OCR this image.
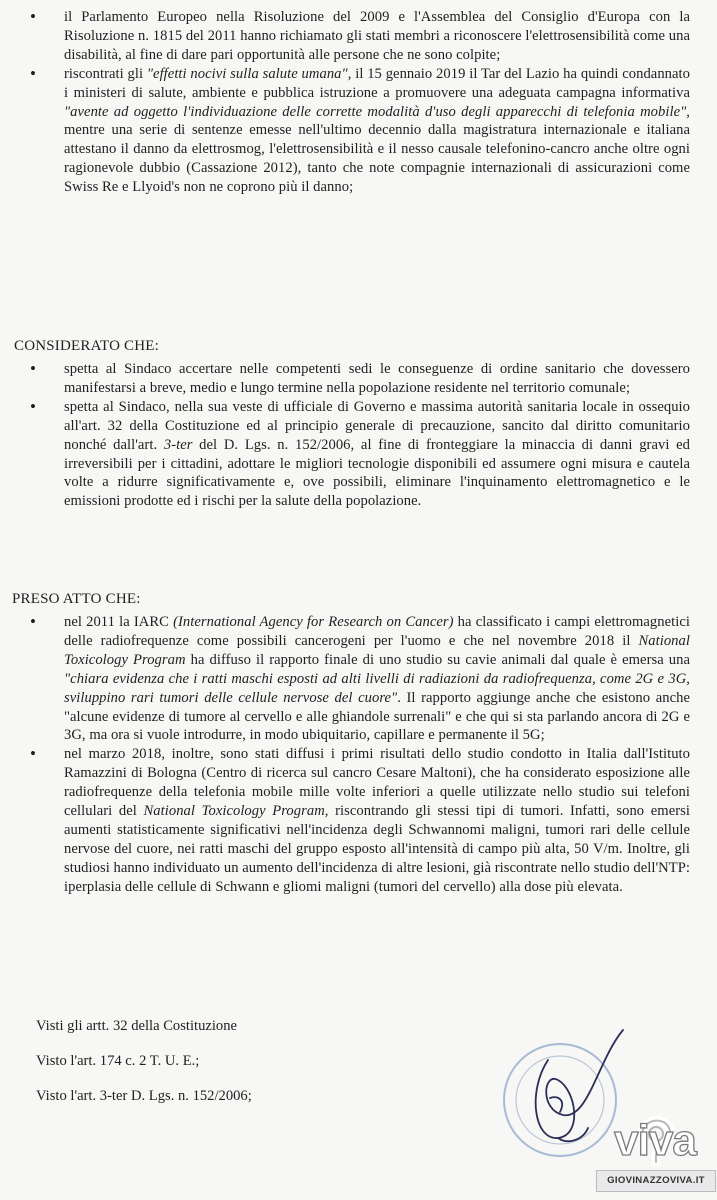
• il Parlamento Europeo nella Risoluzione del 2009 e l'Assemblea del Consiglio d'Europa con la Risoluzione n. 1815 del 2011 hanno richiamato gli stati membri a riconoscere l'elettrosensibilità come una disabilità, al fine di dare pari opportunità alle persone che ne sono colpite;
• riscontrati gli "effetti nocivi sulla salute umana", il 15 gennaio 2019 il Tar del Lazio ha quindi condannato i ministeri di salute, ambiente e pubblica istruzione a promuovere una adeguata campagna informativa "avente ad oggetto l'individuazione delle corrette modalità d'uso degli apparecchi di telefonia mobile", mentre una serie di sentenze emesse nell'ultimo decennio dalla magistratura internazionale e italiana attestano il danno da elettrosmog, l'elettrosensibilità e il nesso causale telefonino-cancro anche oltre ogni ragionevole dubbio (Cassazione 2012), tanto che note compagnie internazionali di assicurazioni come Swiss Re e Llyoid's non ne coprono più il danno;
CONSIDERATO CHE:
• spetta al Sindaco accertare nelle competenti sedi le conseguenze di ordine sanitario che dovessero manifestarsi a breve, medio e lungo termine nella popolazione residente nel territorio comunale;
• spetta al Sindaco, nella sua veste di ufficiale di Governo e massima autorità sanitaria locale in ossequio all'art. 32 della Costituzione ed al principio generale di precauzione, sancito dal diritto comunitario nonché dall'art. 3-ter del D. Lgs. n. 152/2006, al fine di fronteggiare la minaccia di danni gravi ed irreversibili per i cittadini, adottare le migliori tecnologie disponibili ed assumere ogni misura e cautela volte a ridurre significativamente e, ove possibili, eliminare l'inquinamento elettromagnetico e le emissioni prodotte ed i rischi per la salute della popolazione.
PRESO ATTO CHE:
• nel 2011 la IARC (International Agency for Research on Cancer) ha classificato i campi elettromagnetici delle radiofrequenze come possibili cancerogeni per l'uomo e che nel novembre 2018 il National Toxicology Program ha diffuso il rapporto finale di uno studio su cavie animali dal quale è emersa una "chiara evidenza che i ratti maschi esposti ad alti livelli di radiazioni da radiofrequenza, come 2G e 3G, sviluppino rari tumori delle cellule nervose del cuore". Il rapporto aggiunge anche che esistono anche "alcune evidenze di tumore al cervello e alle ghiandole surrenali" e che qui si sta parlando ancora di 2G e 3G, ma ora si vuole introdurre, in modo ubiquitario, capillare e permanente il 5G;
• nel marzo 2018, inoltre, sono stati diffusi i primi risultati dello studio condotto in Italia dall'Istituto Ramazzini di Bologna (Centro di ricerca sul cancro Cesare Maltoni), che ha considerato esposizione alle radiofrequenze della telefonia mobile mille volte inferiori a quelle utilizzate nello studio sui telefoni cellulari del National Toxicology Program, riscontrando gli stessi tipi di tumori. Infatti, sono emersi aumenti statisticamente significativi nell'incidenza degli Schwannomi maligni, tumori rari delle cellule nervose del cuore, nei ratti maschi del gruppo esposto all'intensità di campo più alta, 50 V/m. Inoltre, gli studiosi hanno individuato un aumento dell'incidenza di altre lesioni, già riscontrate nello studio dell'NTP: iperplasia delle cellule di Schwann e gliomi maligni (tumori del cervello) alla dose più elevata.
Visti gli artt. 32 della Costituzione
Visto l'art. 174 c. 2 T. U. E.;
Visto l'art. 3-ter D. Lgs. n. 152/2006;
viva
GIOVINAZZOVIVA.IT
